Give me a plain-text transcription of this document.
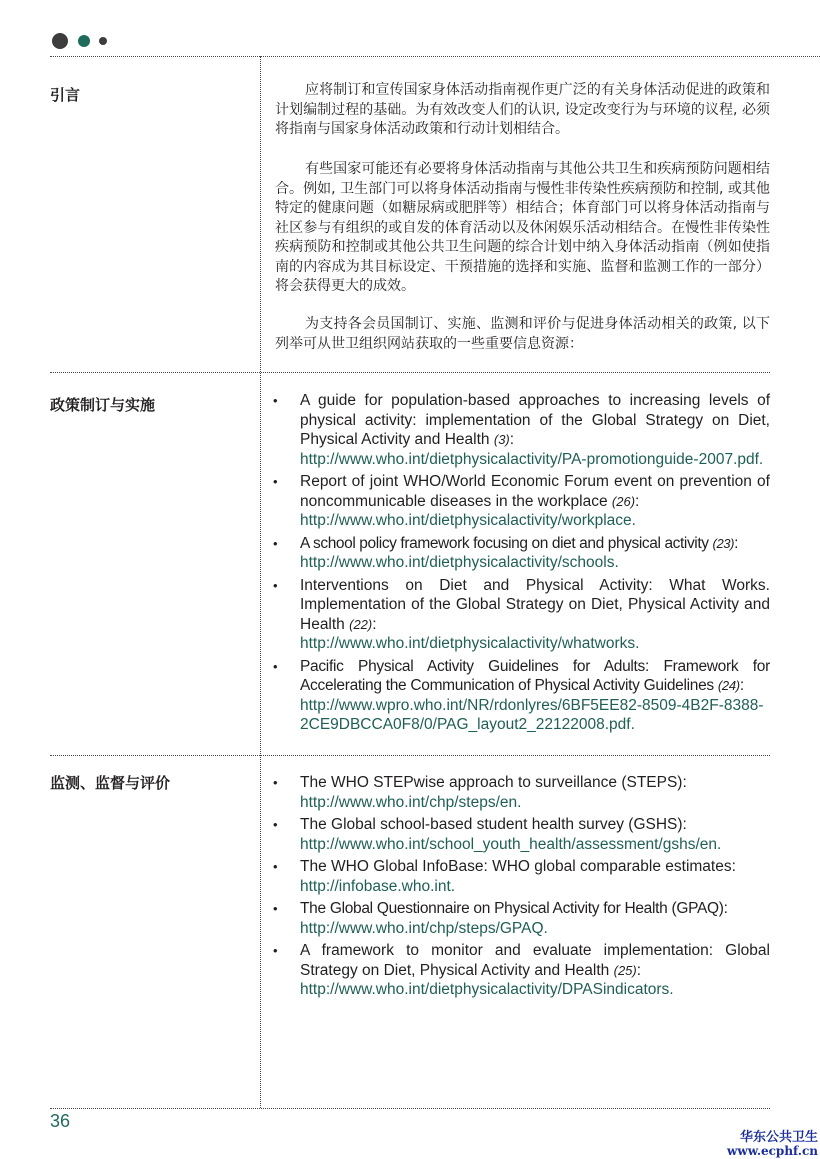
引言	应将制订和宣传国家身体活动指南视作更广泛的有关身体活动促进的政策和计划编制过程的基础。为有效改变人们的认识, 设定改变行为与环境的议程, 必须将指南与国家身体活动政策和行动计划相结合。

有些国家可能还有必要将身体活动指南与其他公共卫生和疾病预防问题相结合。例如, 卫生部门可以将身体活动指南与慢性非传染性疾病预防和控制, 或其他特定的健康问题（如糖尿病或肥胖等）相结合；体育部门可以将身体活动指南与社区参与有组织的或自发的体育活动以及休闲娱乐活动相结合。在慢性非传染性疾病预防和控制或其他公共卫生问题的综合计划中纳入身体活动指南（例如使指南的内容成为其目标设定、干预措施的选择和实施、监督和监测工作的一部分）将会获得更大的成效。

为支持各会员国制订、实施、监测和评价与促进身体活动相关的政策, 以下列举可从世卫组织网站获取的一些重要信息资源：

政策制订与实施	• A guide for population-based approaches to increasing levels of physical activity: implementation of the Global Strategy on Diet, Physical Activity and Health (3):
http://www.who.int/dietphysicalactivity/PA-promotionguide-2007.pdf.
• Report of joint WHO/World Economic Forum event on prevention of noncommunicable diseases in the workplace (26):
http://www.who.int/dietphysicalactivity/workplace.
• A school policy framework focusing on diet and physical activity (23):
http://www.who.int/dietphysicalactivity/schools.
• Interventions on Diet and Physical Activity: What Works. Implementation of the Global Strategy on Diet, Physical Activity and Health (22):
http://www.who.int/dietphysicalactivity/whatworks.
• Pacific Physical Activity Guidelines for Adults: Framework for Accelerating the Communication of Physical Activity Guidelines (24):
http://www.wpro.who.int/NR/rdonlyres/6BF5EE82-8509-4B2F-8388-2CE9DBCCA0F8/0/PAG_layout2_22122008.pdf.
监测、监督与评价	• The WHO STEPwise approach to surveillance (STEPS):
http://www.who.int/chp/steps/en.
• The Global school-based student health survey (GSHS):
http://www.who.int/school_youth_health/assessment/gshs/en.
• The WHO Global InfoBase: WHO global comparable estimates:
http://infobase.who.int.
• The Global Questionnaire on Physical Activity for Health (GPAQ):
http://www.who.int/chp/steps/GPAQ.
• A framework to monitor and evaluate implementation: Global Strategy on Diet, Physical Activity and Health (25):
http://www.who.int/dietphysicalactivity/DPASindicators.
36
华东公共卫生
www.ecphf.cn
